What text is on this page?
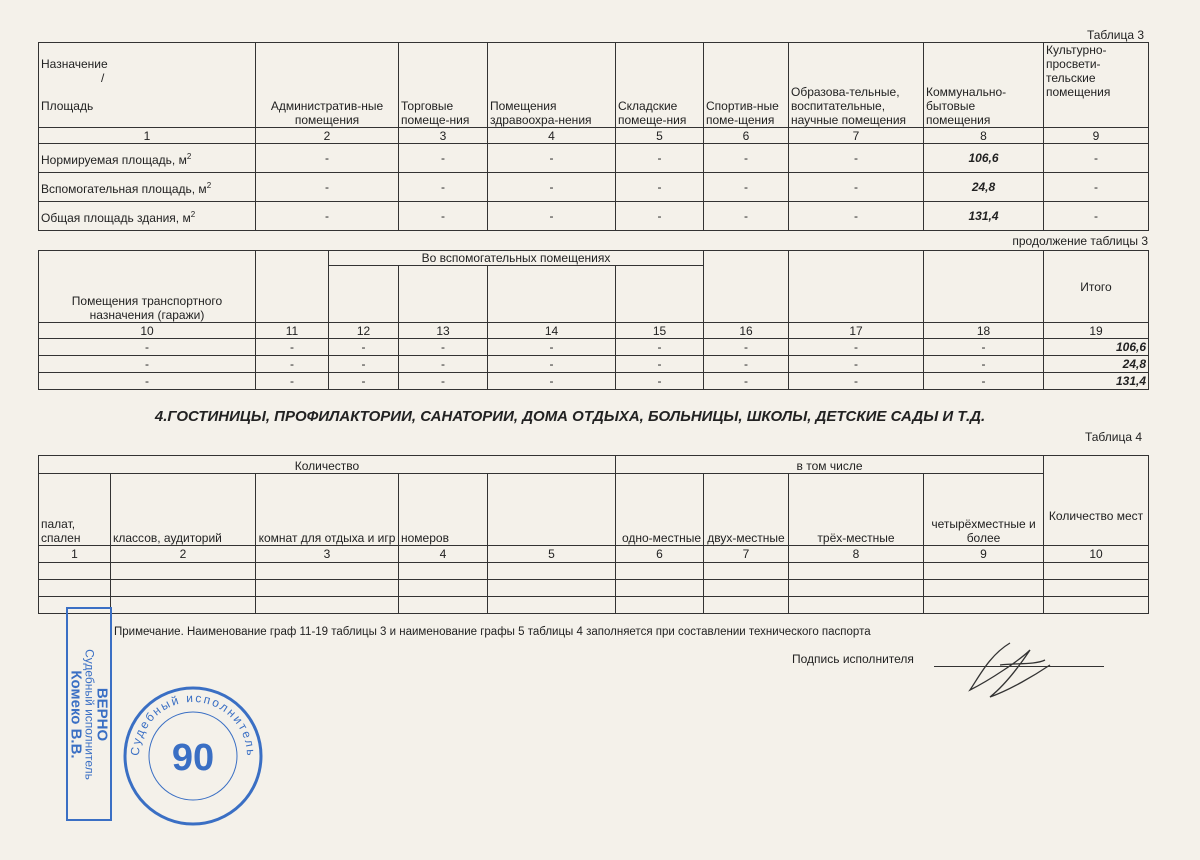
Таблица 3
Назначение
/
Площадь	Административ-ные помещения	Торговые помеще-ния	Помещения здравоохра-нения	Складские помеще-ния	Спортив-ные поме-щения	Образова-тельные, воспитательные, научные помещения	Коммунально-бытовые помещения	Культурно-просвети-тельские помещения
1	2	3	4	5	6	7	8	9
Нормируемая площадь, $м^2$	-	-	-	-	-	-	106,6	-
Вспомогательная площадь, $м^2$	-	-	-	-	-	-	24,8	-
Общая площадь здания, $м^2$	-	-	-	-	-	-	131,4	-
продолжение таблицы 3
Помещения транспортного назначения (гаражи)		Во вспомогательных помещениях							Итого

10	11	12	13	14	15	16	17	18	19
-	-	-	-	-	-	-	-	-	106,6
-	-	-	-	-	-	-	-	-	24,8
-	-	-	-	-	-	-	-	-	131,4
4.ГОСТИНИЦЫ, ПРОФИЛАКТОРИИ, САНАТОРИИ, ДОМА ОТДЫХА, БОЛЬНИЦЫ, ШКОЛЫ, ДЕТСКИЕ САДЫ И Т.Д.
Таблица 4
Количество					в том числе				Количество мест
палат, спален	классов, аудиторий	комнат для отдыха и игр	номеров		одно-местные	двух-местные	трёх-местные	четырёхместные и более	
1	2	3	4	5	6	7	8	9	10

Примечание. Наименование граф 11-19 таблицы 3 и наименование графы 5 таблицы 4 заполняется при составлении технического паспорта
Подпись исполнителя
ВЕРНО
Судебный исполнитель
Комеко В.В.	Судебный исполнитель
90
